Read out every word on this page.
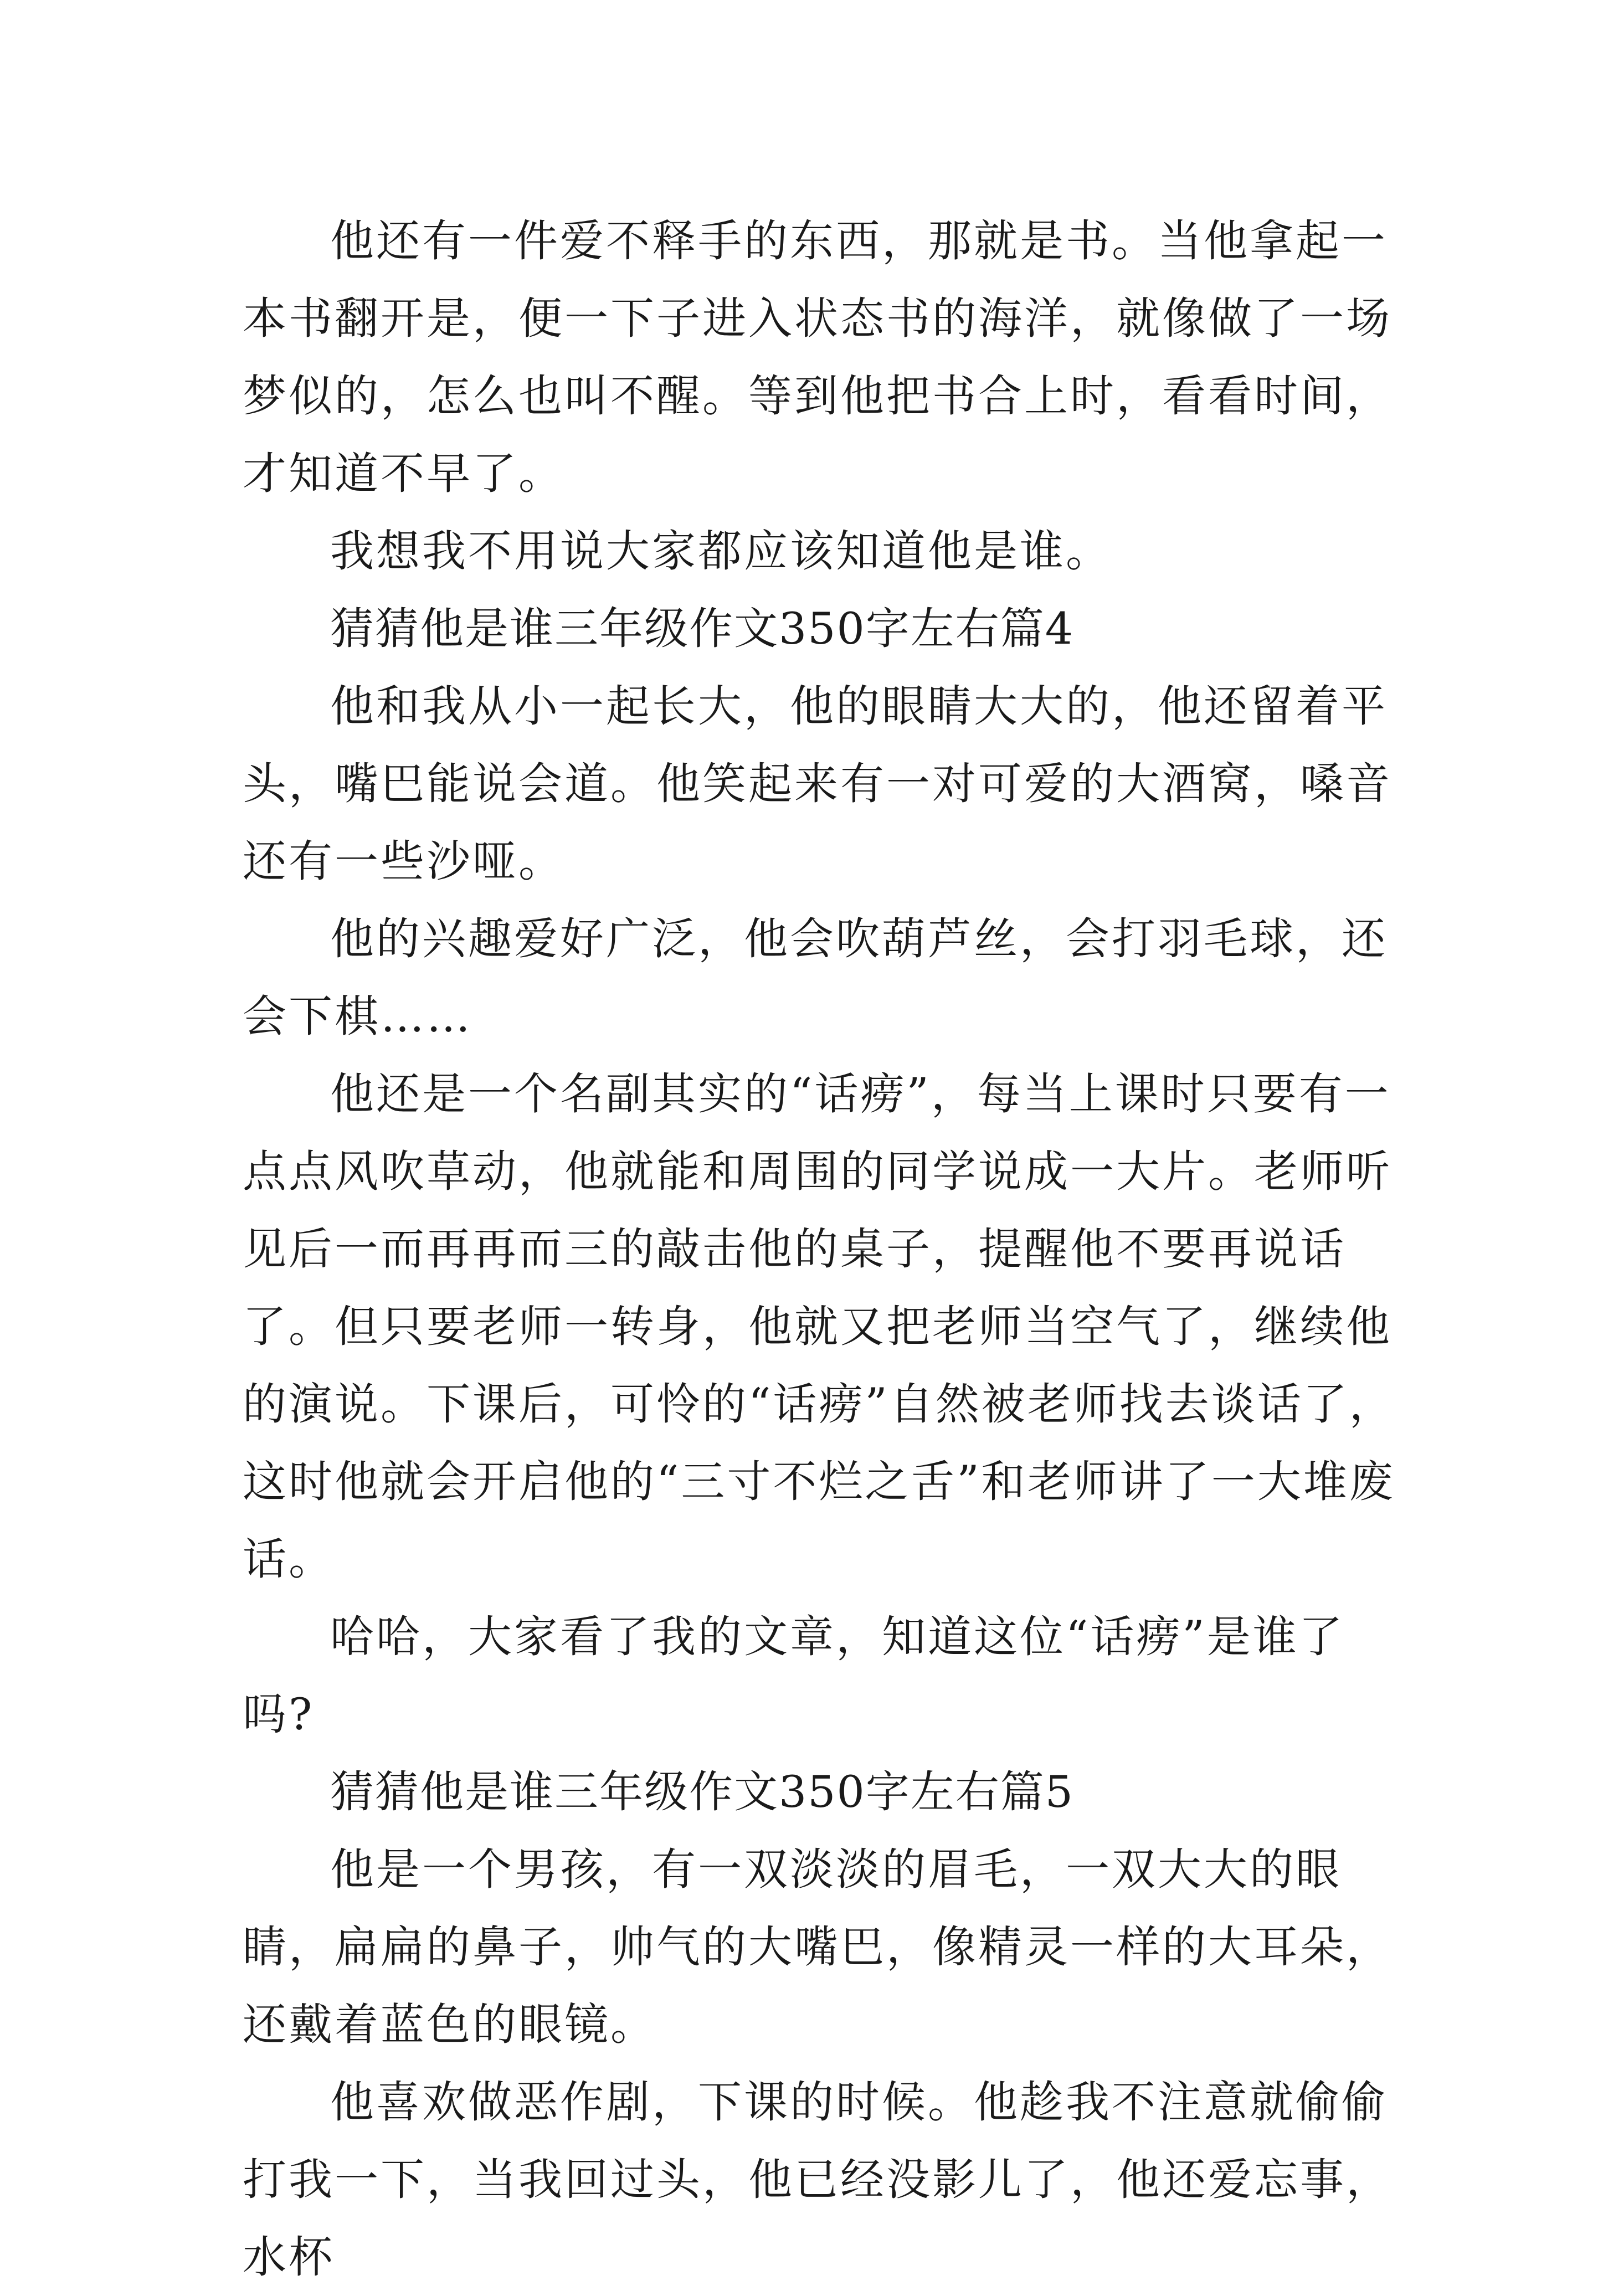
他还有一件爱不释手的东西，那就是书。当他拿起一本书翻开是，便一下子进入状态书的海洋，就像做了一场梦似的，怎么也叫不醒。等到他把书合上时，看看时间，才知道不早了。

我想我不用说大家都应该知道他是谁。

猜猜他是谁三年级作文350字左右篇4

他和我从小一起长大，他的眼睛大大的，他还留着平头，嘴巴能说会道。他笑起来有一对可爱的大酒窝，嗓音还有一些沙哑。

他的兴趣爱好广泛，他会吹葫芦丝，会打羽毛球，还会下棋……

他还是一个名副其实的“话痨”，每当上课时只要有一点点风吹草动，他就能和周围的同学说成一大片。老师听见后一而再再而三的敲击他的桌子，提醒他不要再说话了。但只要老师一转身，他就又把老师当空气了，继续他的演说。下课后，可怜的“话痨”自然被老师找去谈话了，这时他就会开启他的“三寸不烂之舌”和老师讲了一大堆废话。

哈哈，大家看了我的文章，知道这位“话痨”是谁了吗?

猜猜他是谁三年级作文350字左右篇5

他是一个男孩，有一双淡淡的眉毛，一双大大的眼睛，扁扁的鼻子，帅气的大嘴巴，像精灵一样的大耳朵，还戴着蓝色的眼镜。

他喜欢做恶作剧，下课的时候。他趁我不注意就偷偷打我一下，当我回过头，他已经没影儿了，他还爱忘事，水杯
